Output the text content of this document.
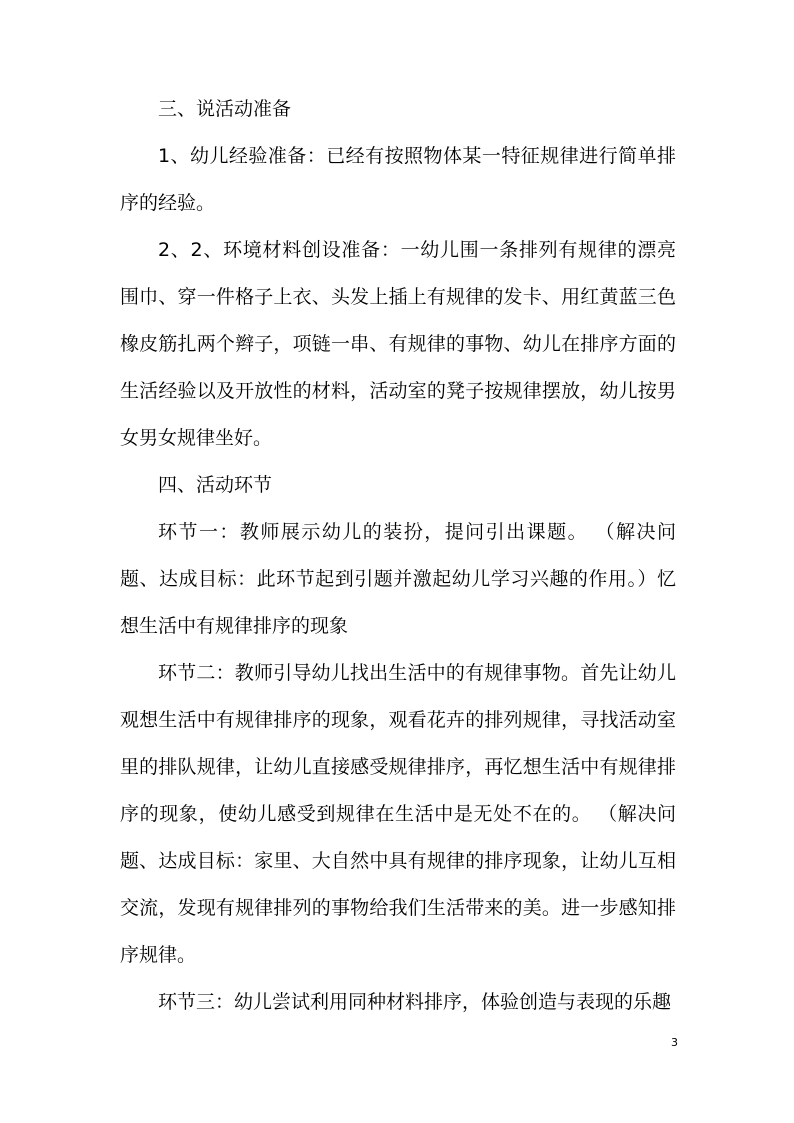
三、说活动准备

1、幼儿经验准备：已经有按照物体某一特征规律进行简单排序的经验。

2、2、环境材料创设准备：一幼儿围一条排列有规律的漂亮围巾、穿一件格子上衣、头发上插上有规律的发卡、用红黄蓝三色橡皮筋扎两个辫子，项链一串、有规律的事物、幼儿在排序方面的生活经验以及开放性的材料，活动室的凳子按规律摆放，幼儿按男女男女规律坐好。

四、活动环节

环节一：教师展示幼儿的装扮，提问引出课题。 （解决问题、达成目标：此环节起到引题并激起幼儿学习兴趣的作用。）忆想生活中有规律排序的现象

环节二：教师引导幼儿找出生活中的有规律事物。首先让幼儿观想生活中有规律排序的现象，观看花卉的排列规律，寻找活动室里的排队规律，让幼儿直接感受规律排序，再忆想生活中有规律排序的现象，使幼儿感受到规律在生活中是无处不在的。 （解决问题、达成目标：家里、大自然中具有规律的排序现象，让幼儿互相交流，发现有规律排列的事物给我们生活带来的美。进一步感知排序规律。

环节三：幼儿尝试利用同种材料排序，体验创造与表现的乐趣

3
